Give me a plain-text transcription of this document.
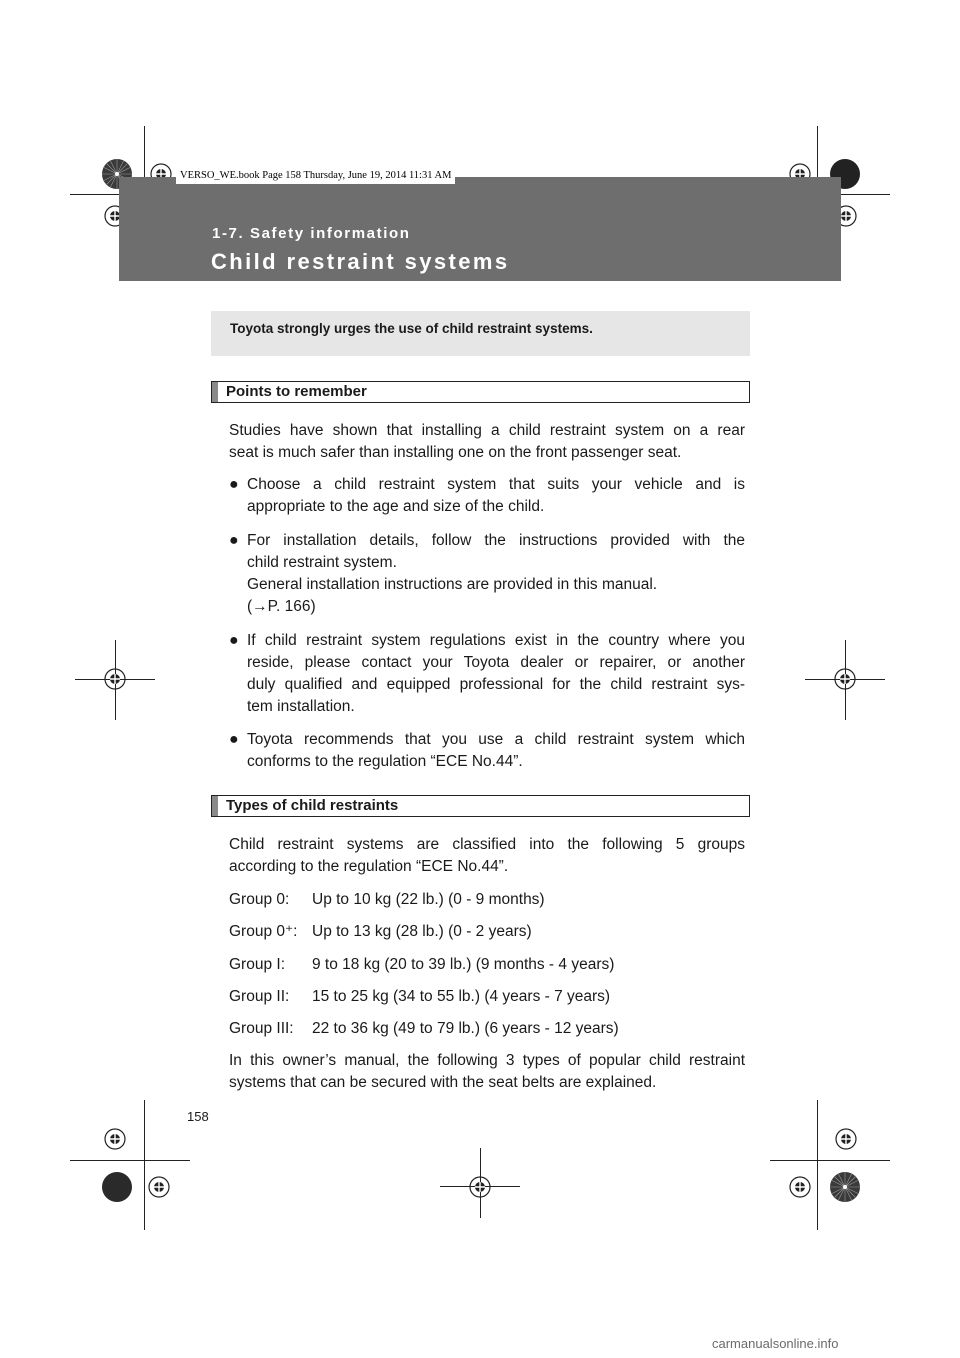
VERSO_WE.book Page 158 Thursday, June 19, 2014 11:31 AM
1-7. Safety information
Child restraint systems
Toyota strongly urges the use of child restraint systems.
Points to remember
Studies have shown that installing a child restraint system on a rear
seat is much safer than installing one on the front passenger seat.
● Choose a child restraint system that suits your vehicle and is
appropriate to the age and size of the child.
● For installation details, follow the instructions provided with the
child restraint system.
General installation instructions are provided in this manual.
(→P. 166)
● If child restraint system regulations exist in the country where you
reside, please contact your Toyota dealer or repairer, or another
duly qualified and equipped professional for the child restraint sys-
tem installation.
● Toyota recommends that you use a child restraint system which
conforms to the regulation “ECE No.44”.
Types of child restraints
Child restraint systems are classified into the following 5 groups
according to the regulation “ECE No.44”.
Group 0: Up to 10 kg (22 lb.) (0 - 9 months)
Group 0⁺: Up to 13 kg (28 lb.) (0 - 2 years)
Group I: 9 to 18 kg (20 to 39 lb.) (9 months - 4 years)
Group II: 15 to 25 kg (34 to 55 lb.) (4 years - 7 years)
Group III: 22 to 36 kg (49 to 79 lb.) (6 years - 12 years)
In this owner’s manual, the following 3 types of popular child restraint
systems that can be secured with the seat belts are explained.
158
carmanualsonline.info
